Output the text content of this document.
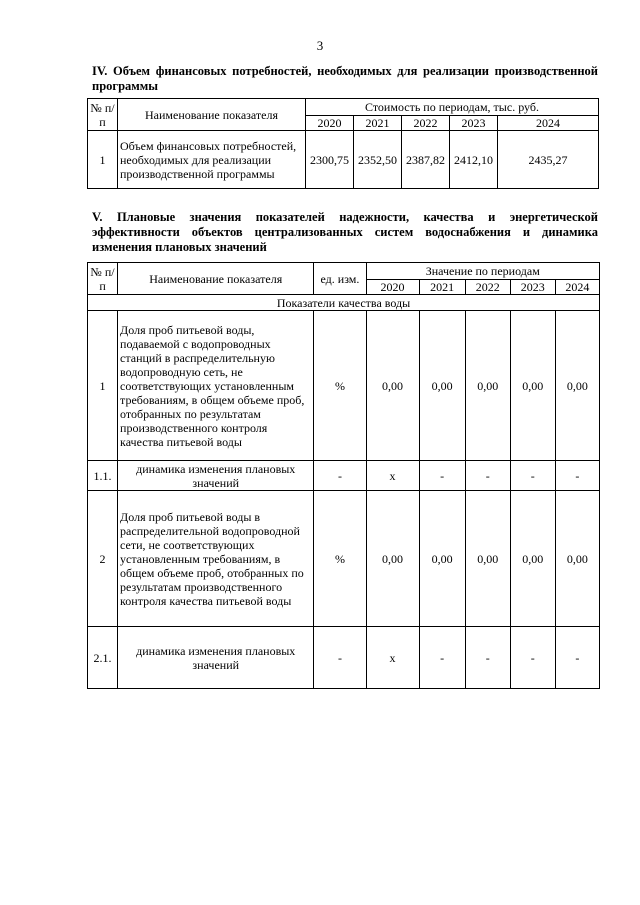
3
IV. Объем финансовых потребностей, необходимых для реализации производственной программы
№ п/п	Наименование показателя	Стоимость по периодам, тыс. руб.				
		2020	2021	2022	2023	2024
1	Объем финансовых потребностей, необходимых для реализации производственной программы	2300,75	2352,50	2387,82	2412,10	2435,27
V. Плановые значения показателей надежности, качества и энергетической эффективности объектов централизованных систем водоснабжения и динамика изменения плановых значений
№ п/п	Наименование показателя	ед. изм.	Значение по периодам				
			2020	2021	2022	2023	2024
Показатели качества воды							
1	Доля проб питьевой воды, подаваемой с водопроводных станций в распределительную водопроводную сеть, не соответствующих установленным требованиям, в общем объеме проб, отобранных по результатам производственного контроля качества питьевой воды	%	0,00	0,00	0,00	0,00	0,00
1.1.	динамика изменения плановых значений	-	x	-	-	-	-
2	Доля проб питьевой воды в распределительной водопроводной сети, не соответствующих установленным требованиям, в общем объеме проб, отобранных по результатам производственного контроля качества питьевой воды	%	0,00	0,00	0,00	0,00	0,00
2.1.	динамика изменения плановых значений	-	x	-	-	-	-
